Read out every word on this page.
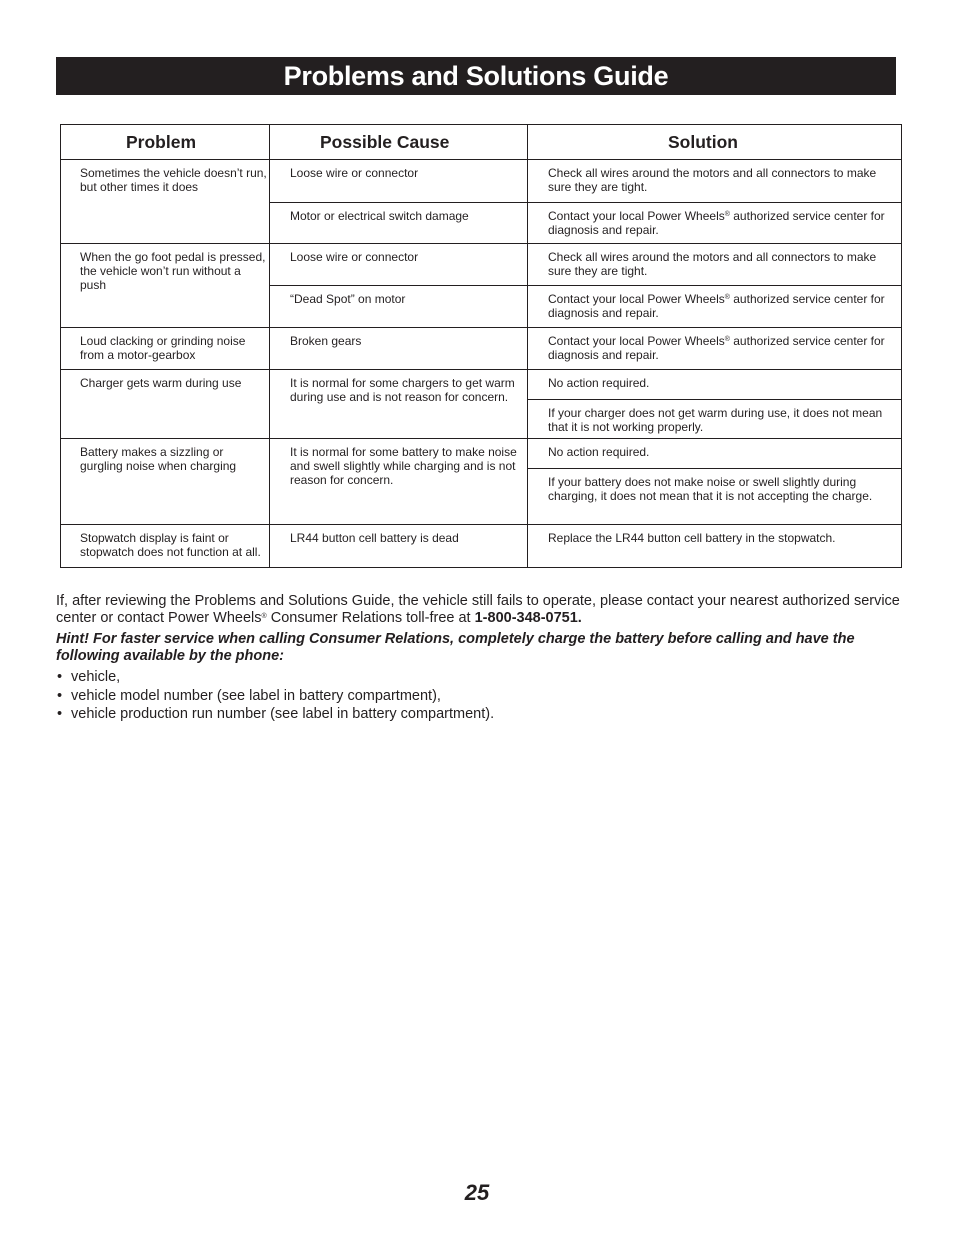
Problems and Solutions Guide
Problem	Possible Cause	Solution
Sometimes the vehicle doesn’t run, but other times it does	Loose wire or connector	Check all wires around the motors and all connectors to make sure they are tight.
	Motor or electrical switch damage	Contact your local Power Wheels® authorized service center for diagnosis and repair.
When the go foot pedal is pressed, the vehicle won’t run without a push	Loose wire or connector	Check all wires around the motors and all connectors to make sure they are tight.
	“Dead Spot” on motor	Contact your local Power Wheels® authorized service center for diagnosis and repair.
Loud clacking or grinding noise from a motor-gearbox	Broken gears	Contact your local Power Wheels® authorized service center for diagnosis and repair.
Charger gets warm during use	It is normal for some chargers to get warm during use and is not reason for concern.	No action required.
		If your charger does not get warm during use, it does not mean that it is not working properly.
Battery makes a sizzling or gurgling noise when charging	It is normal for some battery to make noise and swell slightly while charging and is not reason for concern.	No action required.
		If your battery does not make noise or swell slightly during charging, it does not mean that it is not accepting the charge.
Stopwatch display is faint or stopwatch does not function at all.	LR44 button cell battery is dead	Replace the LR44 button cell battery in the stopwatch.

If, after reviewing the Problems and Solutions Guide, the vehicle still fails to operate, please contact your nearest authorized service center or contact Power Wheels® Consumer Relations toll-free at 1-800-348-0751.

Hint! For faster service when calling Consumer Relations, completely charge the battery before calling and have the following available by the phone:

• vehicle,
• vehicle model number (see label in battery compartment),
• vehicle production run number (see label in battery compartment).
25
